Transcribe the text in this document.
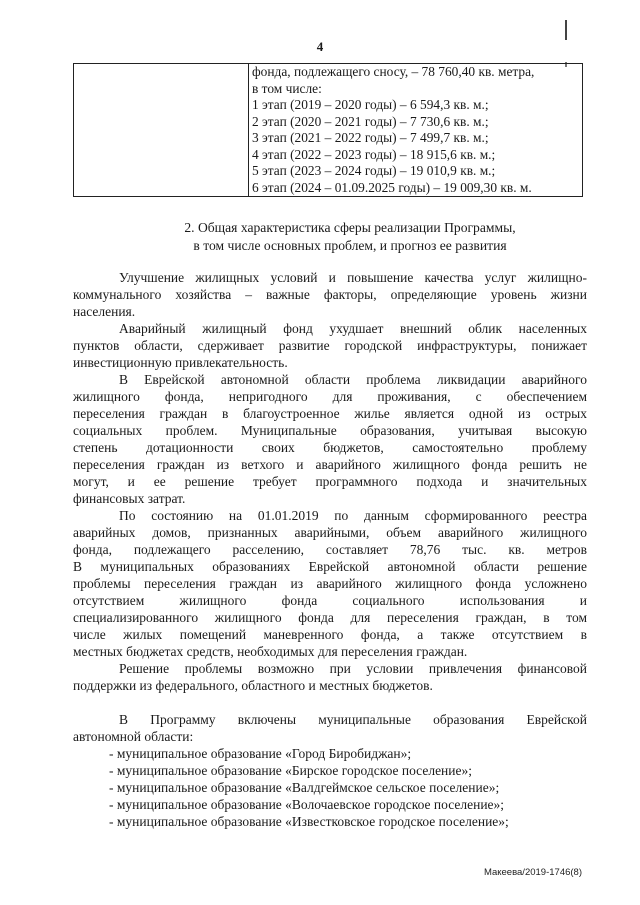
4

фонда, подлежащего сносу, – 78 760,40 кв. метра,
в том числе:
1 этап (2019 – 2020 годы) – 6 594,3 кв. м.;
2 этап (2020 – 2021 годы) – 7 730,6 кв. м.;
3 этап (2021 – 2022 годы) – 7 499,7 кв. м.;
4 этап (2022 – 2023 годы) – 18 915,6 кв. м.;
5 этап (2023 – 2024 годы) – 19 010,9 кв. м.;
6 этап (2024 – 01.09.2025 годы) – 19 009,30 кв. м.
2. Общая характеристика сферы реализации Программы,
в том числе основных проблем, и прогноз ее развития

Улучшение жилищных условий и повышение качества услуг жилищно-
коммунального хозяйства – важные факторы, определяющие уровень жизни
населения.

Аварийный жилищный фонд ухудшает внешний облик населенных
пунктов области, сдерживает развитие городской инфраструктуры, понижает
инвестиционную привлекательность.

В Еврейской автономной области проблема ликвидации аварийного
жилищного фонда, непригодного для проживания, с обеспечением
переселения граждан в благоустроенное жилье является одной из острых
социальных проблем. Муниципальные образования, учитывая высокую
степень дотационности своих бюджетов, самостоятельно проблему
переселения граждан из ветхого и аварийного жилищного фонда решить не
могут, и ее решение требует программного подхода и значительных
финансовых затрат.

По состоянию на 01.01.2019 по данным сформированного реестра
аварийных домов, признанных аварийными, объем аварийного жилищного
фонда, подлежащего расселению, составляет 78,76 тыс. кв. метров
В муниципальных образованиях Еврейской автономной области решение
проблемы переселения граждан из аварийного жилищного фонда усложнено
отсутствием жилищного фонда социального использования и
специализированного жилищного фонда для переселения граждан, в том
числе жилых помещений маневренного фонда, а также отсутствием в
местных бюджетах средств, необходимых для переселения граждан.

Решение проблемы возможно при условии привлечения финансовой
поддержки из федерального, областного и местных бюджетов.

В Программу включены муниципальные образования Еврейской
автономной области:

- муниципальное образование «Город Биробиджан»;
- муниципальное образование «Бирское городское поселение»;
- муниципальное образование «Валдгеймское сельское поселение»;
- муниципальное образование «Волочаевское городское поселение»;
- муниципальное образование «Известковское городское поселение»;

Макеева/2019-1746(8)
